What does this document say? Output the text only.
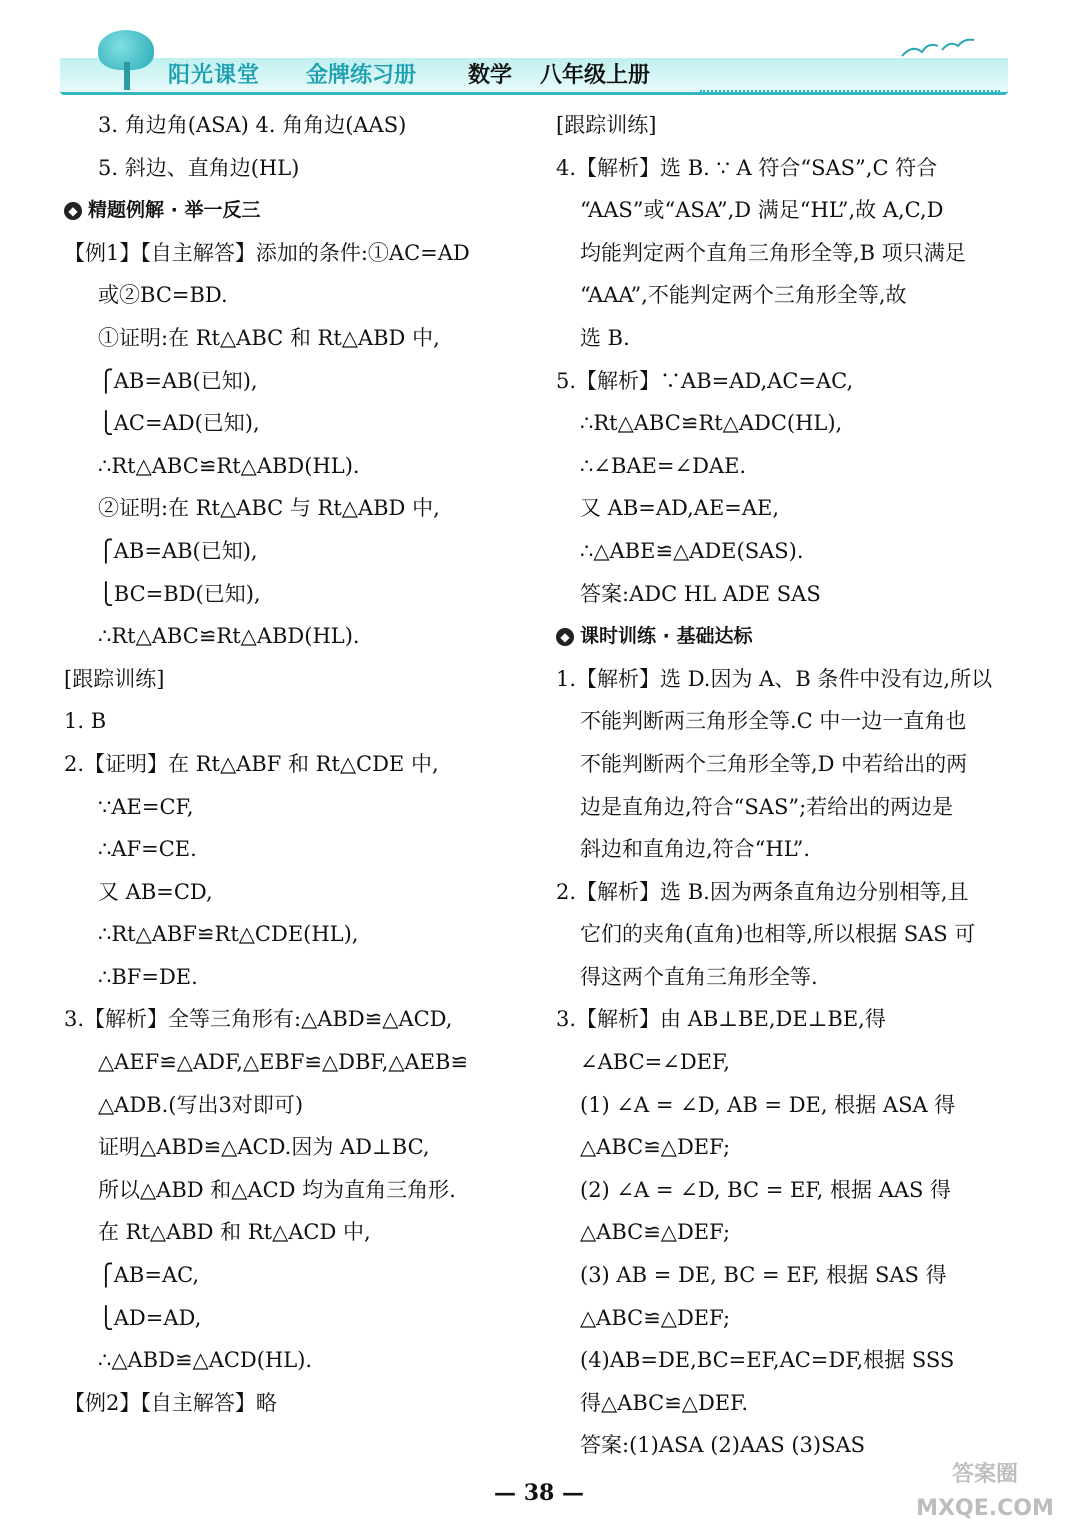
阳光课堂 金牌练习册 数学 八年级上册
3. 角边角(ASA) 4. 角角边(AAS)
5. 斜边、直角边(HL)
◆ 精题例解 · 举一反三
【例1】【自主解答】添加的条件:①AC=AD
或②BC=BD.
①证明:在 Rt△ABC 和 Rt△ABD 中,
⎧AB=AB(已知),
⎩AC=AD(已知),
∴Rt△ABC≌Rt△ABD(HL).
②证明:在 Rt△ABC 与 Rt△ABD 中,
⎧AB=AB(已知),
⎩BC=BD(已知),
∴Rt△ABC≌Rt△ABD(HL).
[跟踪训练]
1. B
2.【证明】在 Rt△ABF 和 Rt△CDE 中,
∵AE=CF,
∴AF=CE.
又 AB=CD,
∴Rt△ABF≌Rt△CDE(HL),
∴BF=DE.
3.【解析】全等三角形有:△ABD≌△ACD,
△AEF≌△ADF,△EBF≌△DBF,△AEB≌
△ADB.(写出3对即可)
证明△ABD≌△ACD.因为 AD⊥BC,
所以△ABD 和△ACD 均为直角三角形.
在 Rt△ABD 和 Rt△ACD 中,
⎧AB=AC,
⎩AD=AD,
∴△ABD≌△ACD(HL).
【例2】【自主解答】略
[跟踪训练]
4.【解析】选 B. ∵ A 符合“SAS”,C 符合
“AAS”或“ASA”,D 满足“HL”,故 A,C,D
均能判定两个直角三角形全等,B 项只满足
“AAA”,不能判定两个三角形全等,故
选 B.
5.【解析】∵AB=AD,AC=AC,
∴Rt△ABC≌Rt△ADC(HL),
∴∠BAE=∠DAE.
又 AB=AD,AE=AE,
∴△ABE≌△ADE(SAS).
答案:ADC HL ADE SAS
◆ 课时训练 · 基础达标
1.【解析】选 D.因为 A、B 条件中没有边,所以
不能判断两三角形全等.C 中一边一直角也
不能判断两个三角形全等,D 中若给出的两
边是直角边,符合“SAS”;若给出的两边是
斜边和直角边,符合“HL”.
2.【解析】选 B.因为两条直角边分别相等,且
它们的夹角(直角)也相等,所以根据 SAS 可
得这两个直角三角形全等.
3.【解析】由 AB⊥BE,DE⊥BE,得
∠ABC=∠DEF,
(1) ∠A = ∠D, AB = DE, 根据 ASA 得
△ABC≌△DEF;
(2) ∠A = ∠D, BC = EF, 根据 AAS 得
△ABC≌△DEF;
(3) AB = DE, BC = EF, 根据 SAS 得
△ABC≌△DEF;
(4)AB=DE,BC=EF,AC=DF,根据 SSS
得△ABC≌△DEF.
答案:(1)ASA (2)AAS (3)SAS
— 38 —
答案圈 MXQE.COM
